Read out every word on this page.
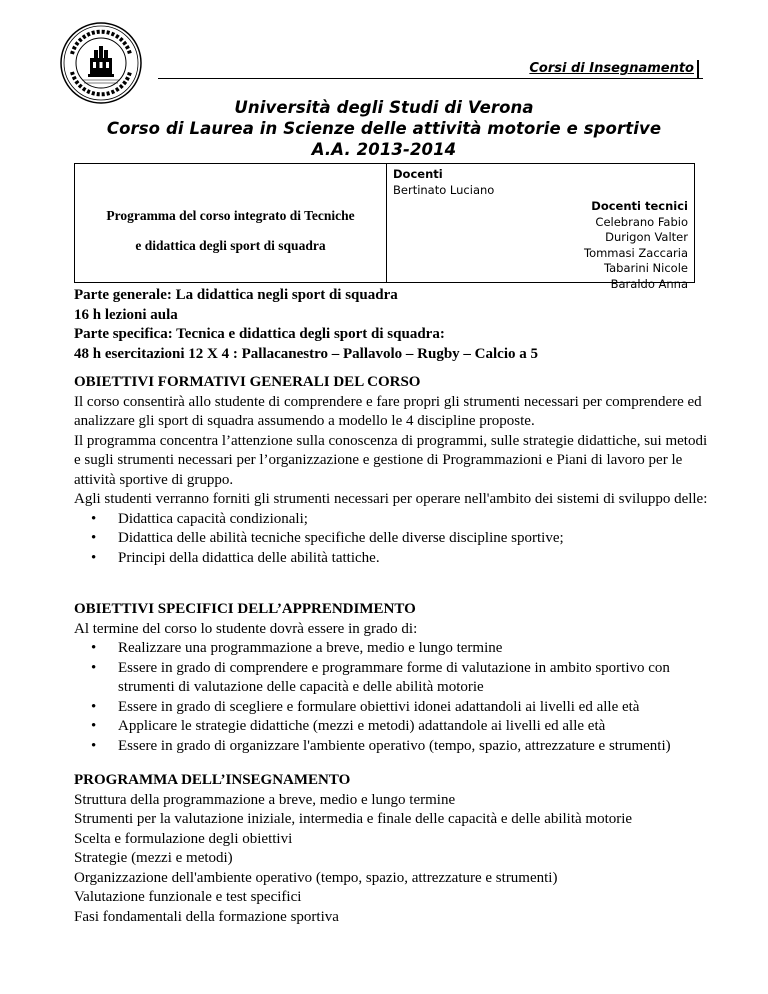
Corsi di Insegnamento
Università degli Studi di Verona
Corso di Laurea in Scienze delle attività motorie e sportive
A.A. 2013-2014
Programma del corso integrato di Tecniche
e didattica degli sport di squadra
Docenti
Bertinato Luciano
Docenti tecnici
Celebrano Fabio
Durigon Valter
Tommasi Zaccaria
Tabarini Nicole
Baraldo Anna
Parte generale: La didattica negli sport di squadra
16 h lezioni aula
Parte specifica: Tecnica e didattica degli sport di squadra:
48 h esercitazioni 12 X 4 : Pallacanestro – Pallavolo – Rugby – Calcio a 5
OBIETTIVI FORMATIVI GENERALI DEL CORSO
Il corso consentirà allo studente di comprendere e fare propri gli strumenti necessari per comprendere ed analizzare gli sport di squadra assumendo a modello le 4 discipline proposte.
Il programma concentra l’attenzione sulla conoscenza di programmi, sulle strategie didattiche, sui metodi e sugli strumenti necessari per l’organizzazione e gestione di Programmazioni e Piani di lavoro per le attività sportive di gruppo.
Agli studenti verranno forniti gli strumenti necessari per operare nell'ambito dei sistemi di sviluppo delle:
• Didattica capacità condizionali;
• Didattica delle abilità tecniche specifiche delle diverse discipline sportive;
• Principi della didattica delle abilità tattiche.
OBIETTIVI SPECIFICI DELL’APPRENDIMENTO
Al termine del corso lo studente dovrà essere in grado di:
• Realizzare una programmazione a breve, medio e lungo termine
• Essere in grado di comprendere e programmare forme di valutazione in ambito sportivo con strumenti di valutazione delle capacità e delle abilità motorie
• Essere in grado di scegliere e formulare obiettivi idonei adattandoli ai livelli ed alle età
• Applicare le strategie didattiche (mezzi e metodi) adattandole ai livelli ed alle età
• Essere in grado di organizzare l'ambiente operativo (tempo, spazio, attrezzature e strumenti)
PROGRAMMA DELL’INSEGNAMENTO
Struttura della programmazione a breve, medio e lungo termine
Strumenti per la valutazione iniziale, intermedia e finale delle capacità e delle abilità motorie
Scelta e formulazione degli obiettivi
Strategie (mezzi e metodi)
Organizzazione dell'ambiente operativo (tempo, spazio, attrezzature e strumenti)
Valutazione funzionale e test specifici
Fasi fondamentali della formazione sportiva
